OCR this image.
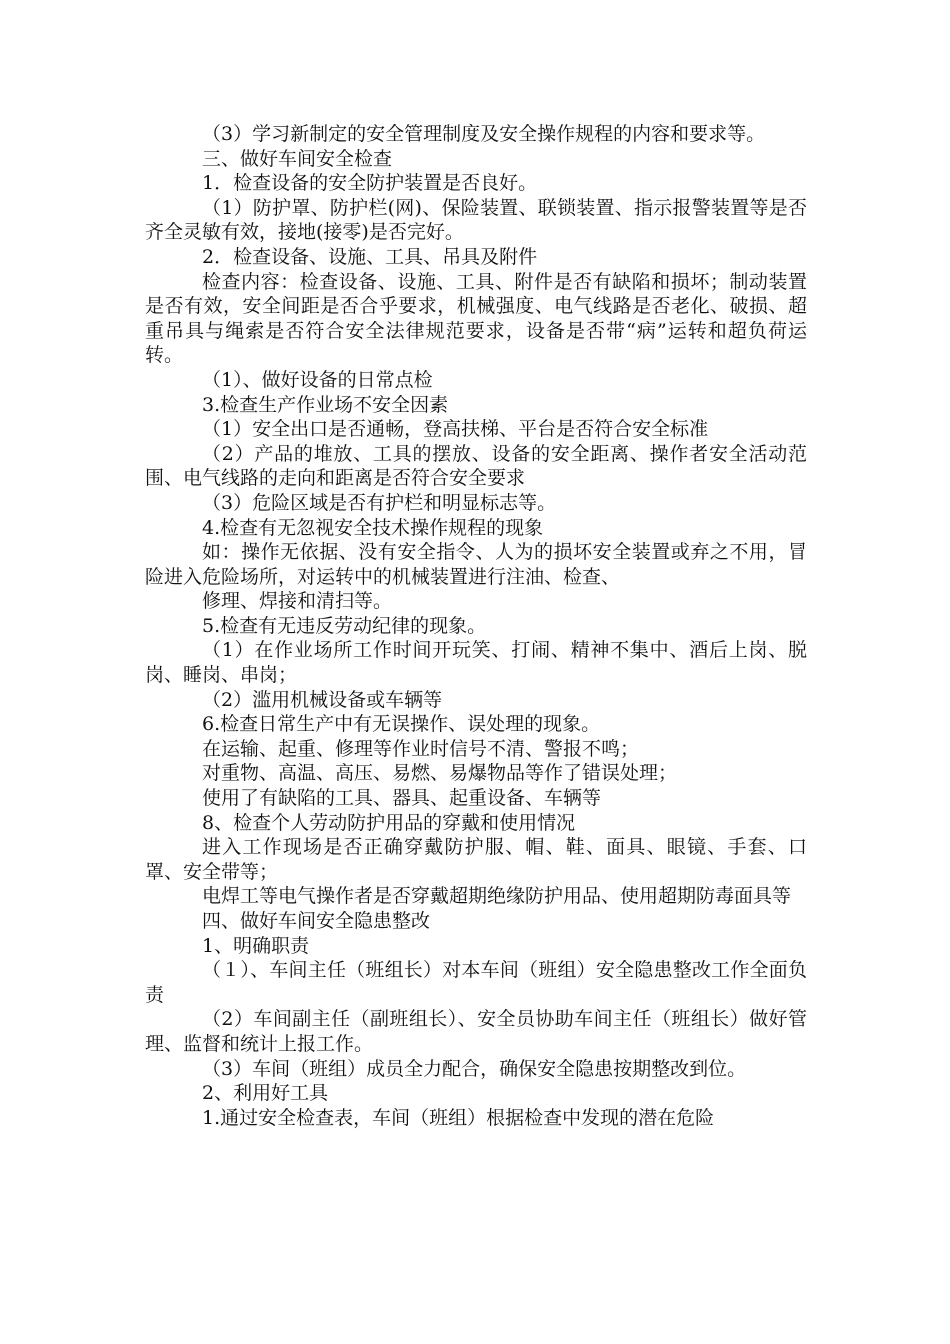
（3）学习新制定的安全管理制度及安全操作规程的内容和要求等。

三、做好车间安全检查

1．检查设备的安全防护装置是否良好。

（1）防护罩、防护栏(网)、保险装置、联锁装置、指示报警装置等是否齐全灵敏有效，接地(接零)是否完好。

2．检查设备、设施、工具、吊具及附件

检查内容：检查设备、设施、工具、附件是否有缺陷和损坏；制动装置是否有效，安全间距是否合乎要求，机械强度、电气线路是否老化、破损、超重吊具与绳索是否符合安全法律规范要求，设备是否带“病”运转和超负荷运转。

（1）、做好设备的日常点检

3.检查生产作业场不安全因素

（1）安全出口是否通畅，登高扶梯、平台是否符合安全标准

（2）产品的堆放、工具的摆放、设备的安全距离、操作者安全活动范围、电气线路的走向和距离是否符合安全要求

（3）危险区域是否有护栏和明显标志等。

4.检查有无忽视安全技术操作规程的现象

如：操作无依据、没有安全指令、人为的损坏安全装置或弃之不用，冒险进入危险场所，对运转中的机械装置进行注油、检查、

修理、焊接和清扫等。

5.检查有无违反劳动纪律的现象。

（1）在作业场所工作时间开玩笑、打闹、精神不集中、酒后上岗、脱岗、睡岗、串岗；

（2）滥用机械设备或车辆等

6.检查日常生产中有无误操作、误处理的现象。

在运输、起重、修理等作业时信号不清、警报不鸣；

对重物、高温、高压、易燃、易爆物品等作了错误处理；

使用了有缺陷的工具、器具、起重设备、车辆等

8、检查个人劳动防护用品的穿戴和使用情况

进入工作现场是否正确穿戴防护服、帽、鞋、面具、眼镜、手套、口罩、安全带等；

电焊工等电气操作者是否穿戴超期绝缘防护用品、使用超期防毒面具等

四、做好车间安全隐患整改

1、明确职责

（１）、车间主任（班组长）对本车间（班组）安全隐患整改工作全面负责

（2）车间副主任（副班组长）、安全员协助车间主任（班组长）做好管理、监督和统计上报工作。

（3）车间（班组）成员全力配合，确保安全隐患按期整改到位。

2、利用好工具

1.通过安全检查表，车间（班组）根据检查中发现的潜在危险
